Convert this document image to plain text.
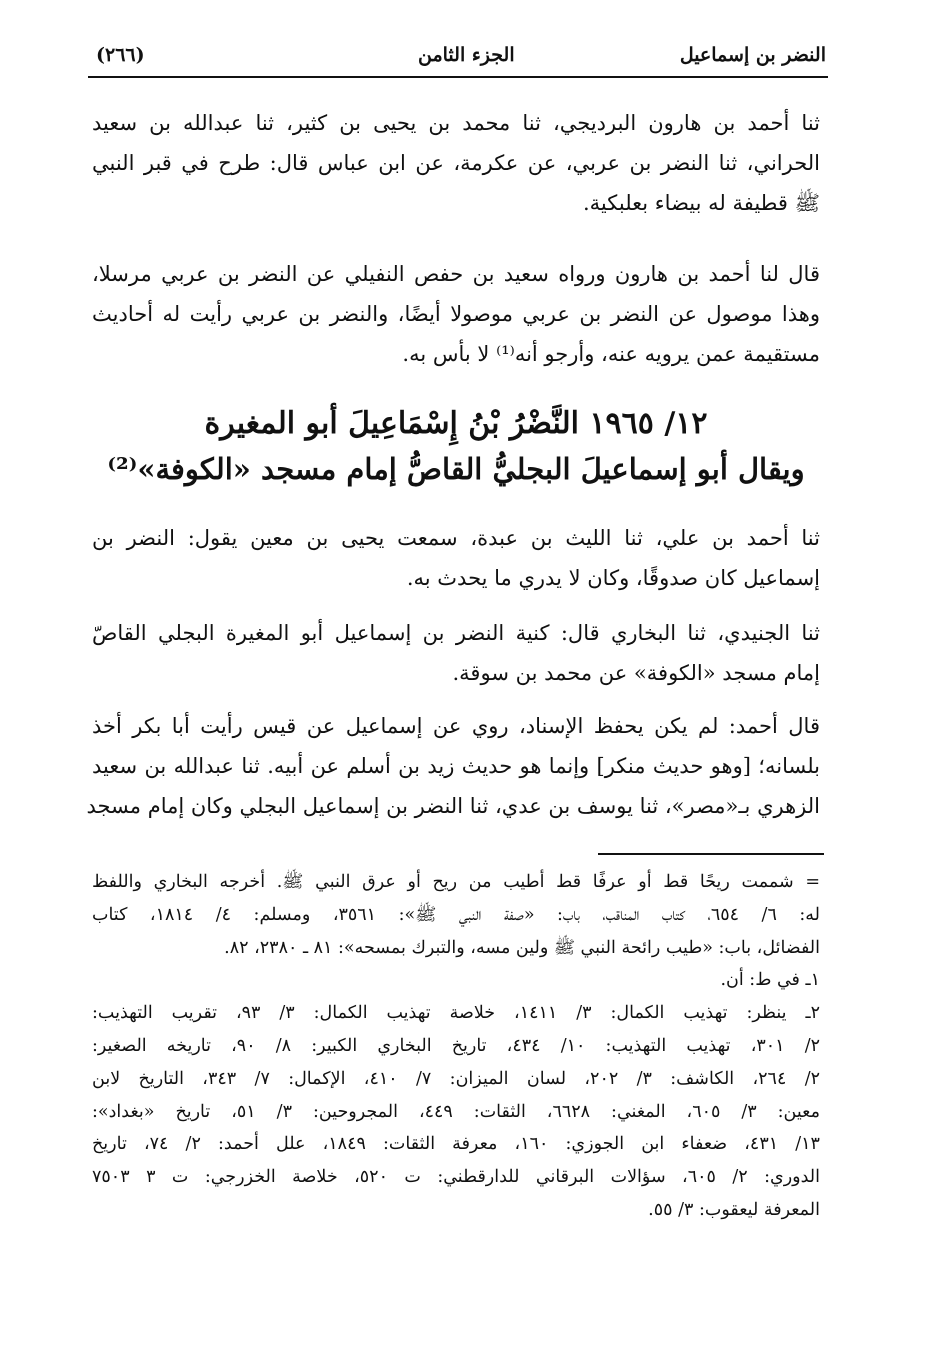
(٢٦٦)	الجزء الثامن	النضر بن إسماعيل

ثنا أحمد بن هارون البرديجي، ثنا محمد بن يحيى بن كثير، ثنا عبدالله بن سعيد

الحراني، ثنا النضر بن عربي، عن عكرمة، عن ابن عباس قال: طرح في قبر النبي

ﷺ قطيفة له بيضاء بعلبكية.

قال لنا أحمد بن هارون ورواه سعيد بن حفص النفيلي عن النضر بن عربي مرسلا،

وهذا موصول عن النضر بن عربي موصولا أيضًا، والنضر بن عربي رأيت له أحاديث

مستقيمة عمن يرويه عنه، وأرجو أنه⁽¹⁾ لا بأس به.

١٢/ ١٩٦٥ النَّضْرُ بْنُ إِسْمَاعِيلَ أبو المغيرة
ويقال أبو إسماعيلَ البجليُّ القاصُّ إمام مسجد «الكوفة»⁽²⁾

ثنا أحمد بن علي، ثنا الليث بن عبدة، سمعت يحيى بن معين يقول: النضر بن

إسماعيل كان صدوقًا، وكان لا يدري ما يحدث به.

ثنا الجنيدي، ثنا البخاري قال: كنية النضر بن إسماعيل أبو المغيرة البجلي القاصّ

إمام مسجد «الكوفة» عن محمد بن سوقة.

قال أحمد: لم يكن يحفظ الإسناد، روي عن إسماعيل عن قيس رأيت أبا بكر أخذ

بلسانه؛ [وهو حديث منكر] وإنما هو حديث زيد بن أسلم عن أبيه. ثنا عبدالله بن سعيد

الزهري بـ«مصر»، ثنا يوسف بن عدي، ثنا النضر بن إسماعيل البجلي وكان إمام مسجد

= شممت ريحًا قط أو عرفًا قط أطيب من ريح أو عرق النبي ﷺ. أخرجه البخاري واللفظ

له: ٦/ ٦٥٤، كتاب المناقب، باب: «صفة النبي ﷺ»: ٣٥٦١، ومسلم: ٤/ ١٨١٤، كتاب

الفضائل، باب: «طيب رائحة النبي ﷺ ولين مسه، والتبرك بمسحه»: ٨١ ـ ٢٣٨٠، ٨٢.

١ـ في ط: أن.

٢ـ ينظر: تهذيب الكمال: ٣/ ١٤١١، خلاصة تهذيب الكمال: ٣/ ٩٣، تقريب التهذيب:

٢/ ٣٠١، تهذيب التهذيب: ١٠/ ٤٣٤، تاريخ البخاري الكبير: ٨/ ٩٠، تاريخه الصغير:

٢/ ٢٦٤، الكاشف: ٣/ ٢٠٢، لسان الميزان: ٧/ ٤١٠، الإكمال: ٧/ ٣٤٣، التاريخ لابن

معين: ٣/ ٦٠٥، المغني: ٦٦٢٨، الثقات: ٤٤٩، المجروحين: ٣/ ٥١، تاريخ «بغداد»:

١٣/ ٤٣١، ضعفاء ابن الجوزي: ١٦٠، معرفة الثقات: ١٨٤٩، علل أحمد: ٢/ ٧٤، تاريخ

الدوري: ٢/ ٦٠٥، سؤالات البرقاني للدارقطني: ت ٥٢٠، خلاصة الخزرجي: ت ٣ ٧٥٠٣

المعرفة ليعقوب: ٣/ ٥٥.
